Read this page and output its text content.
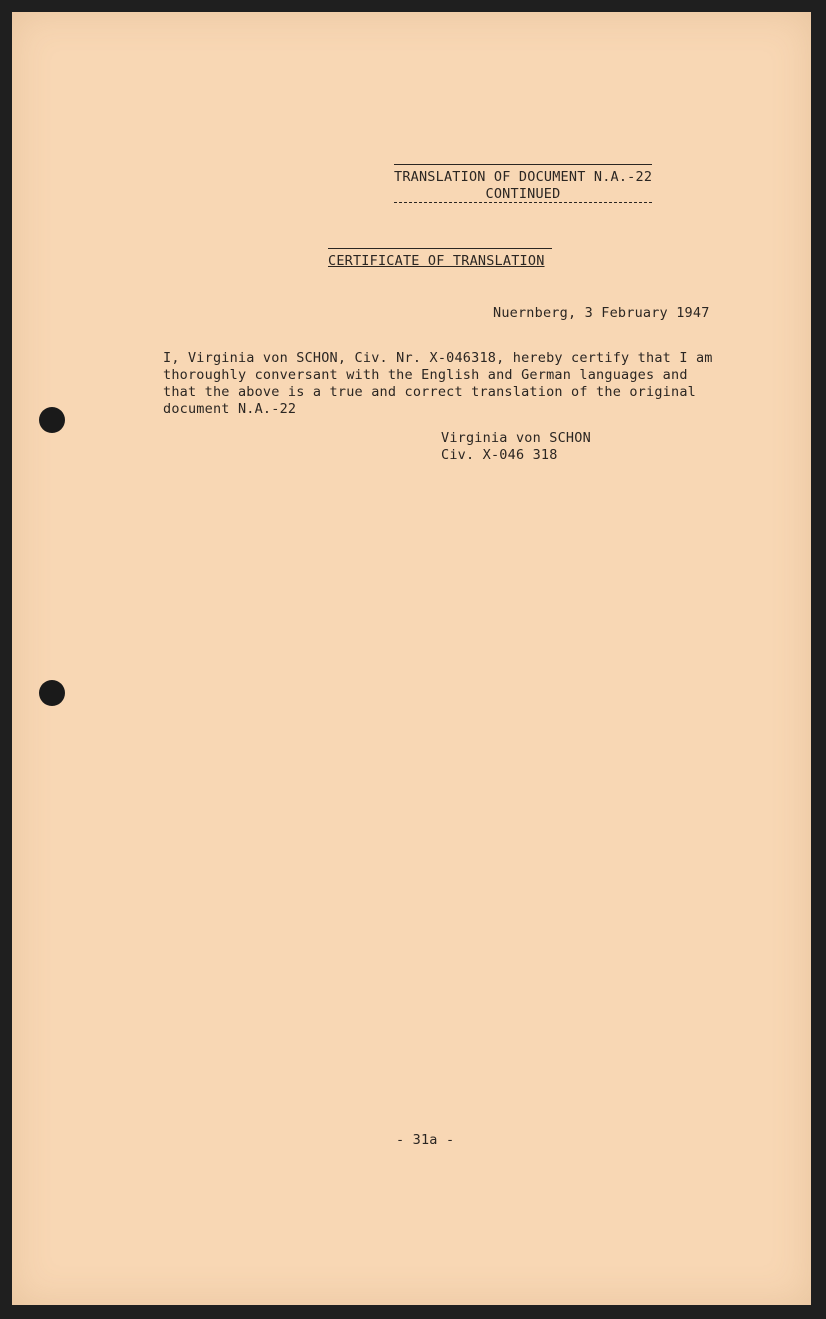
TRANSLATION OF DOCUMENT N.A.-22
CONTINUED
CERTIFICATE OF TRANSLATION
Nuernberg, 3 February 1947
I, Virginia von SCHON, Civ. Nr. X-046318, hereby certify that I am
thoroughly conversant with the English and German languages and
that the above is a true and correct translation of the original
document N.A.-22
Virginia von SCHON
Civ. X-046 318
- 31a -
